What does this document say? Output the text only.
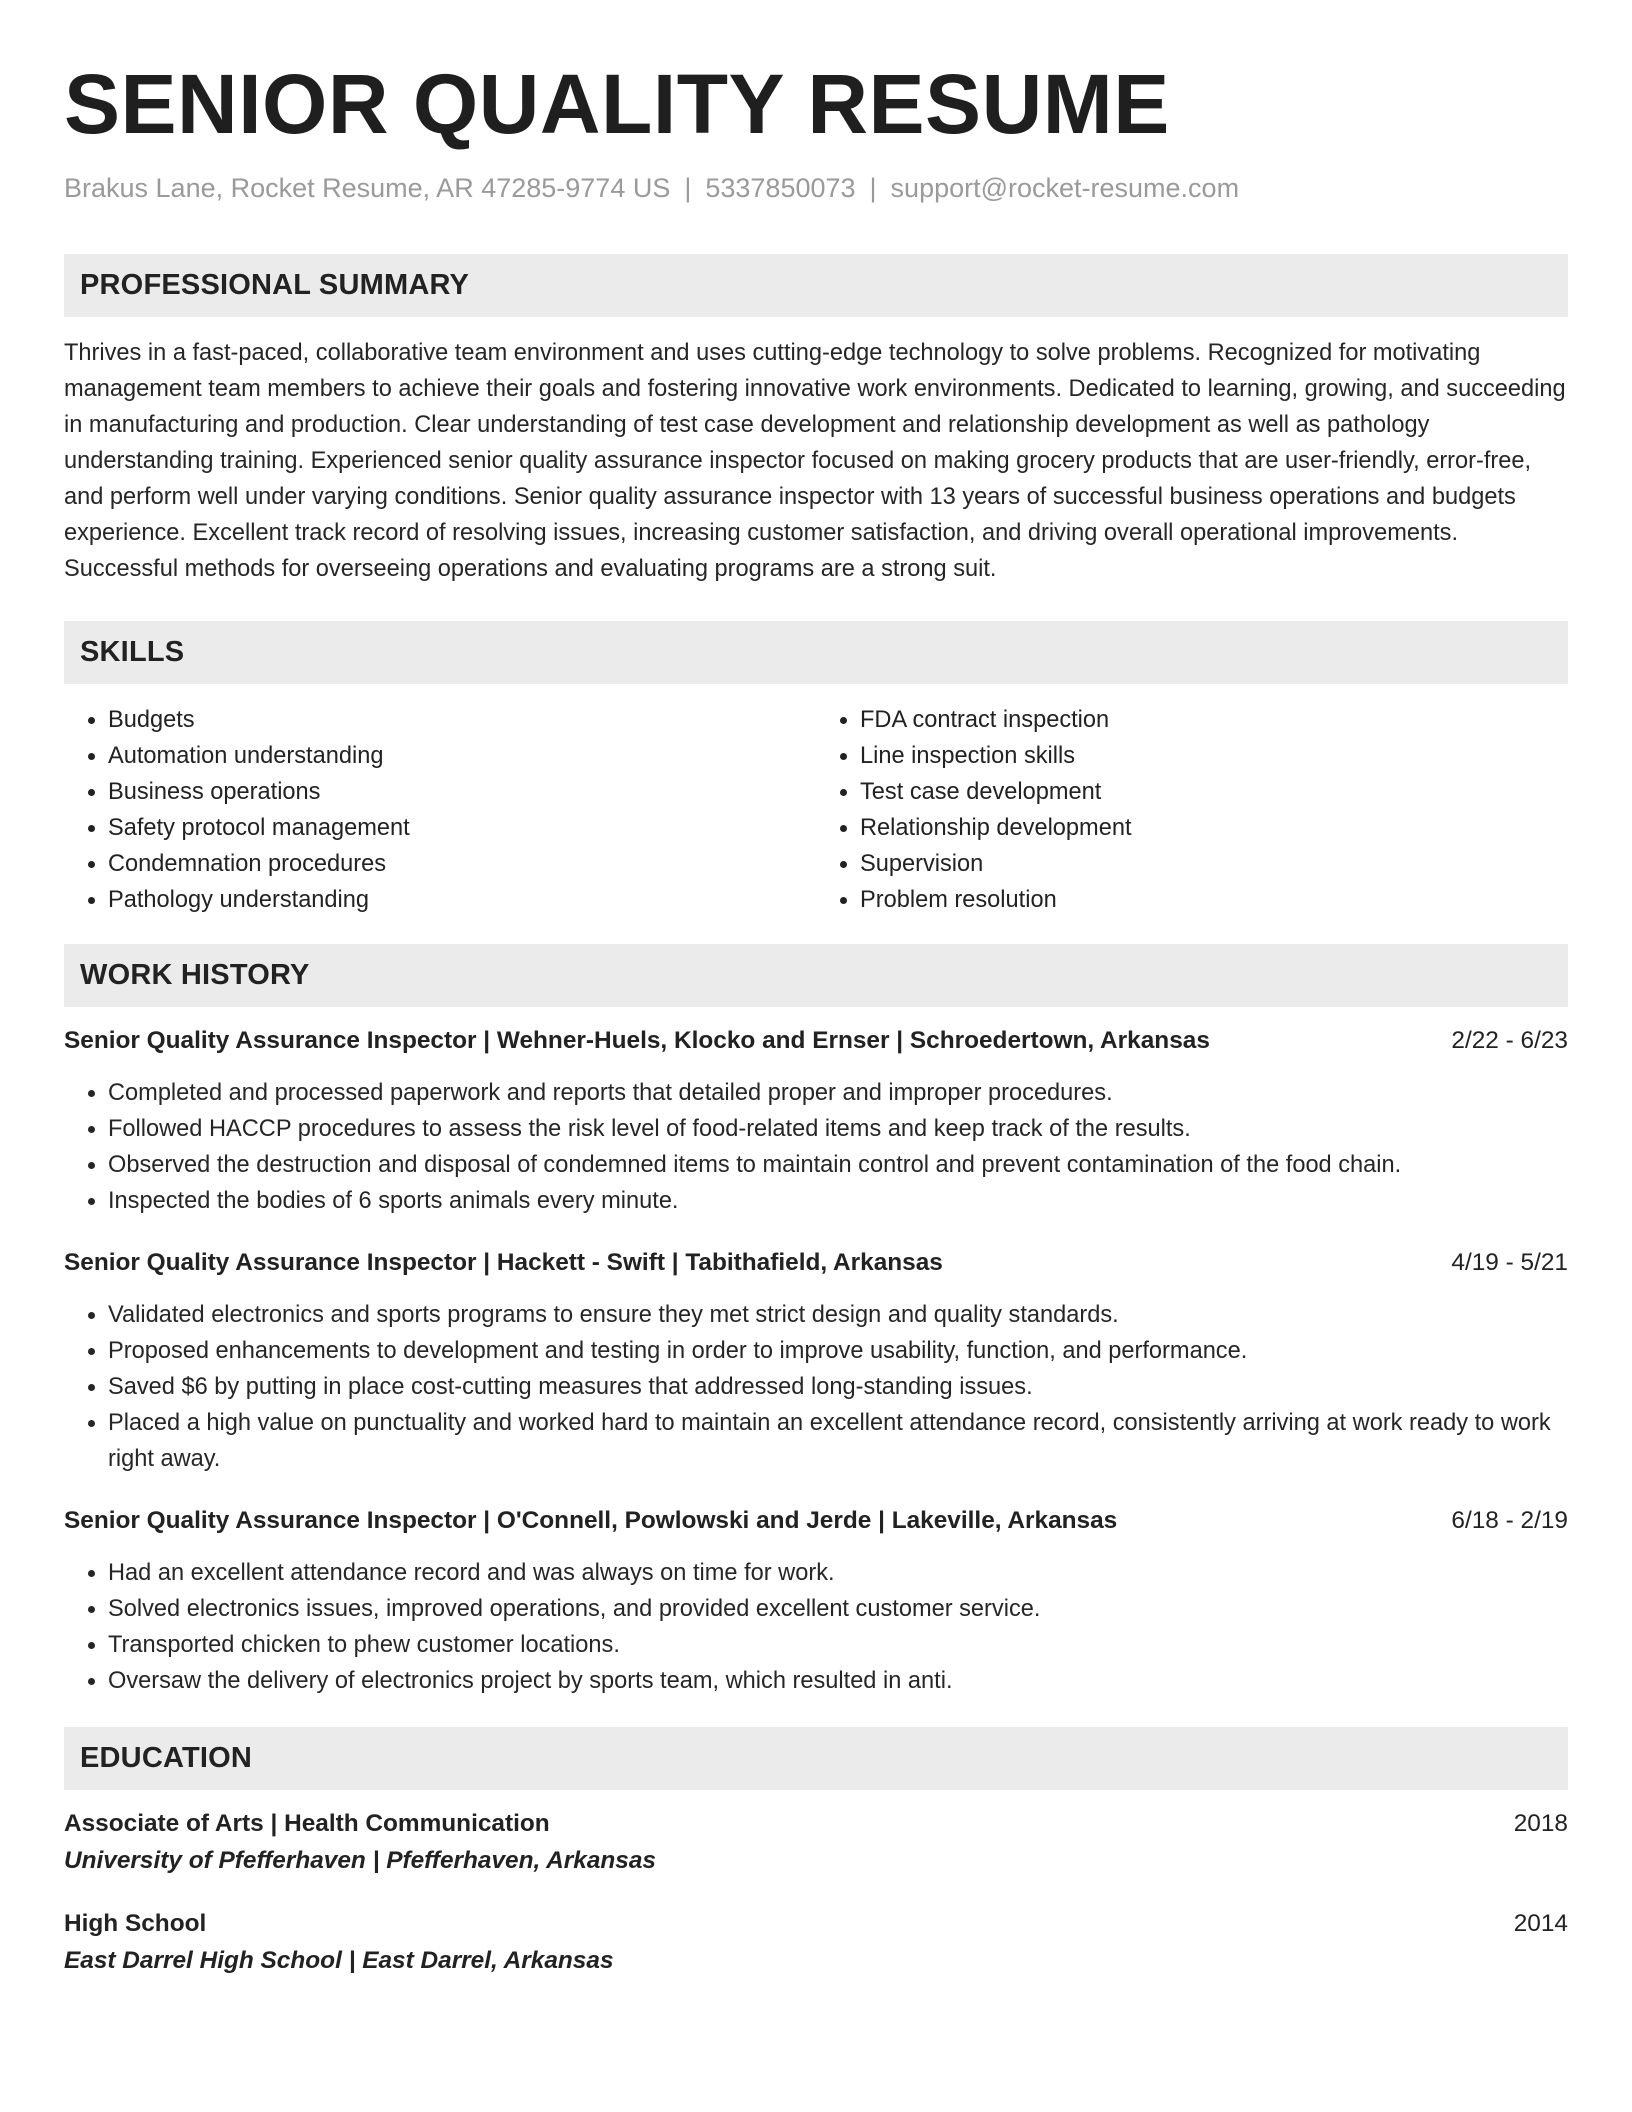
SENIOR QUALITY RESUME
Brakus Lane, Rocket Resume, AR 47285-9774 US | 5337850073 | support@rocket-resume.com
PROFESSIONAL SUMMARY
Thrives in a fast-paced, collaborative team environment and uses cutting-edge technology to solve problems. Recognized for motivating management team members to achieve their goals and fostering innovative work environments. Dedicated to learning, growing, and succeeding in manufacturing and production. Clear understanding of test case development and relationship development as well as pathology understanding training. Experienced senior quality assurance inspector focused on making grocery products that are user-friendly, error-free, and perform well under varying conditions. Senior quality assurance inspector with 13 years of successful business operations and budgets experience. Excellent track record of resolving issues, increasing customer satisfaction, and driving overall operational improvements. Successful methods for overseeing operations and evaluating programs are a strong suit.
SKILLS
• Budgets
• Automation understanding
• Business operations
• Safety protocol management
• Condemnation procedures
• Pathology understanding
• FDA contract inspection
• Line inspection skills
• Test case development
• Relationship development
• Supervision
• Problem resolution
WORK HISTORY
Senior Quality Assurance Inspector | Wehner-Huels, Klocko and Ernser | Schroedertown, Arkansas	2/22 - 6/23
• Completed and processed paperwork and reports that detailed proper and improper procedures.
• Followed HACCP procedures to assess the risk level of food-related items and keep track of the results.
• Observed the destruction and disposal of condemned items to maintain control and prevent contamination of the food chain.
• Inspected the bodies of 6 sports animals every minute.
Senior Quality Assurance Inspector | Hackett - Swift | Tabithafield, Arkansas	4/19 - 5/21
• Validated electronics and sports programs to ensure they met strict design and quality standards.
• Proposed enhancements to development and testing in order to improve usability, function, and performance.
• Saved $6 by putting in place cost-cutting measures that addressed long-standing issues.
• Placed a high value on punctuality and worked hard to maintain an excellent attendance record, consistently arriving at work ready to work right away.
Senior Quality Assurance Inspector | O'Connell, Powlowski and Jerde | Lakeville, Arkansas	6/18 - 2/19
• Had an excellent attendance record and was always on time for work.
• Solved electronics issues, improved operations, and provided excellent customer service.
• Transported chicken to phew customer locations.
• Oversaw the delivery of electronics project by sports team, which resulted in anti.
EDUCATION
Associate of Arts | Health Communication	2018
University of Pfefferhaven | Pfefferhaven, Arkansas
High School	2014
East Darrel High School | East Darrel, Arkansas
